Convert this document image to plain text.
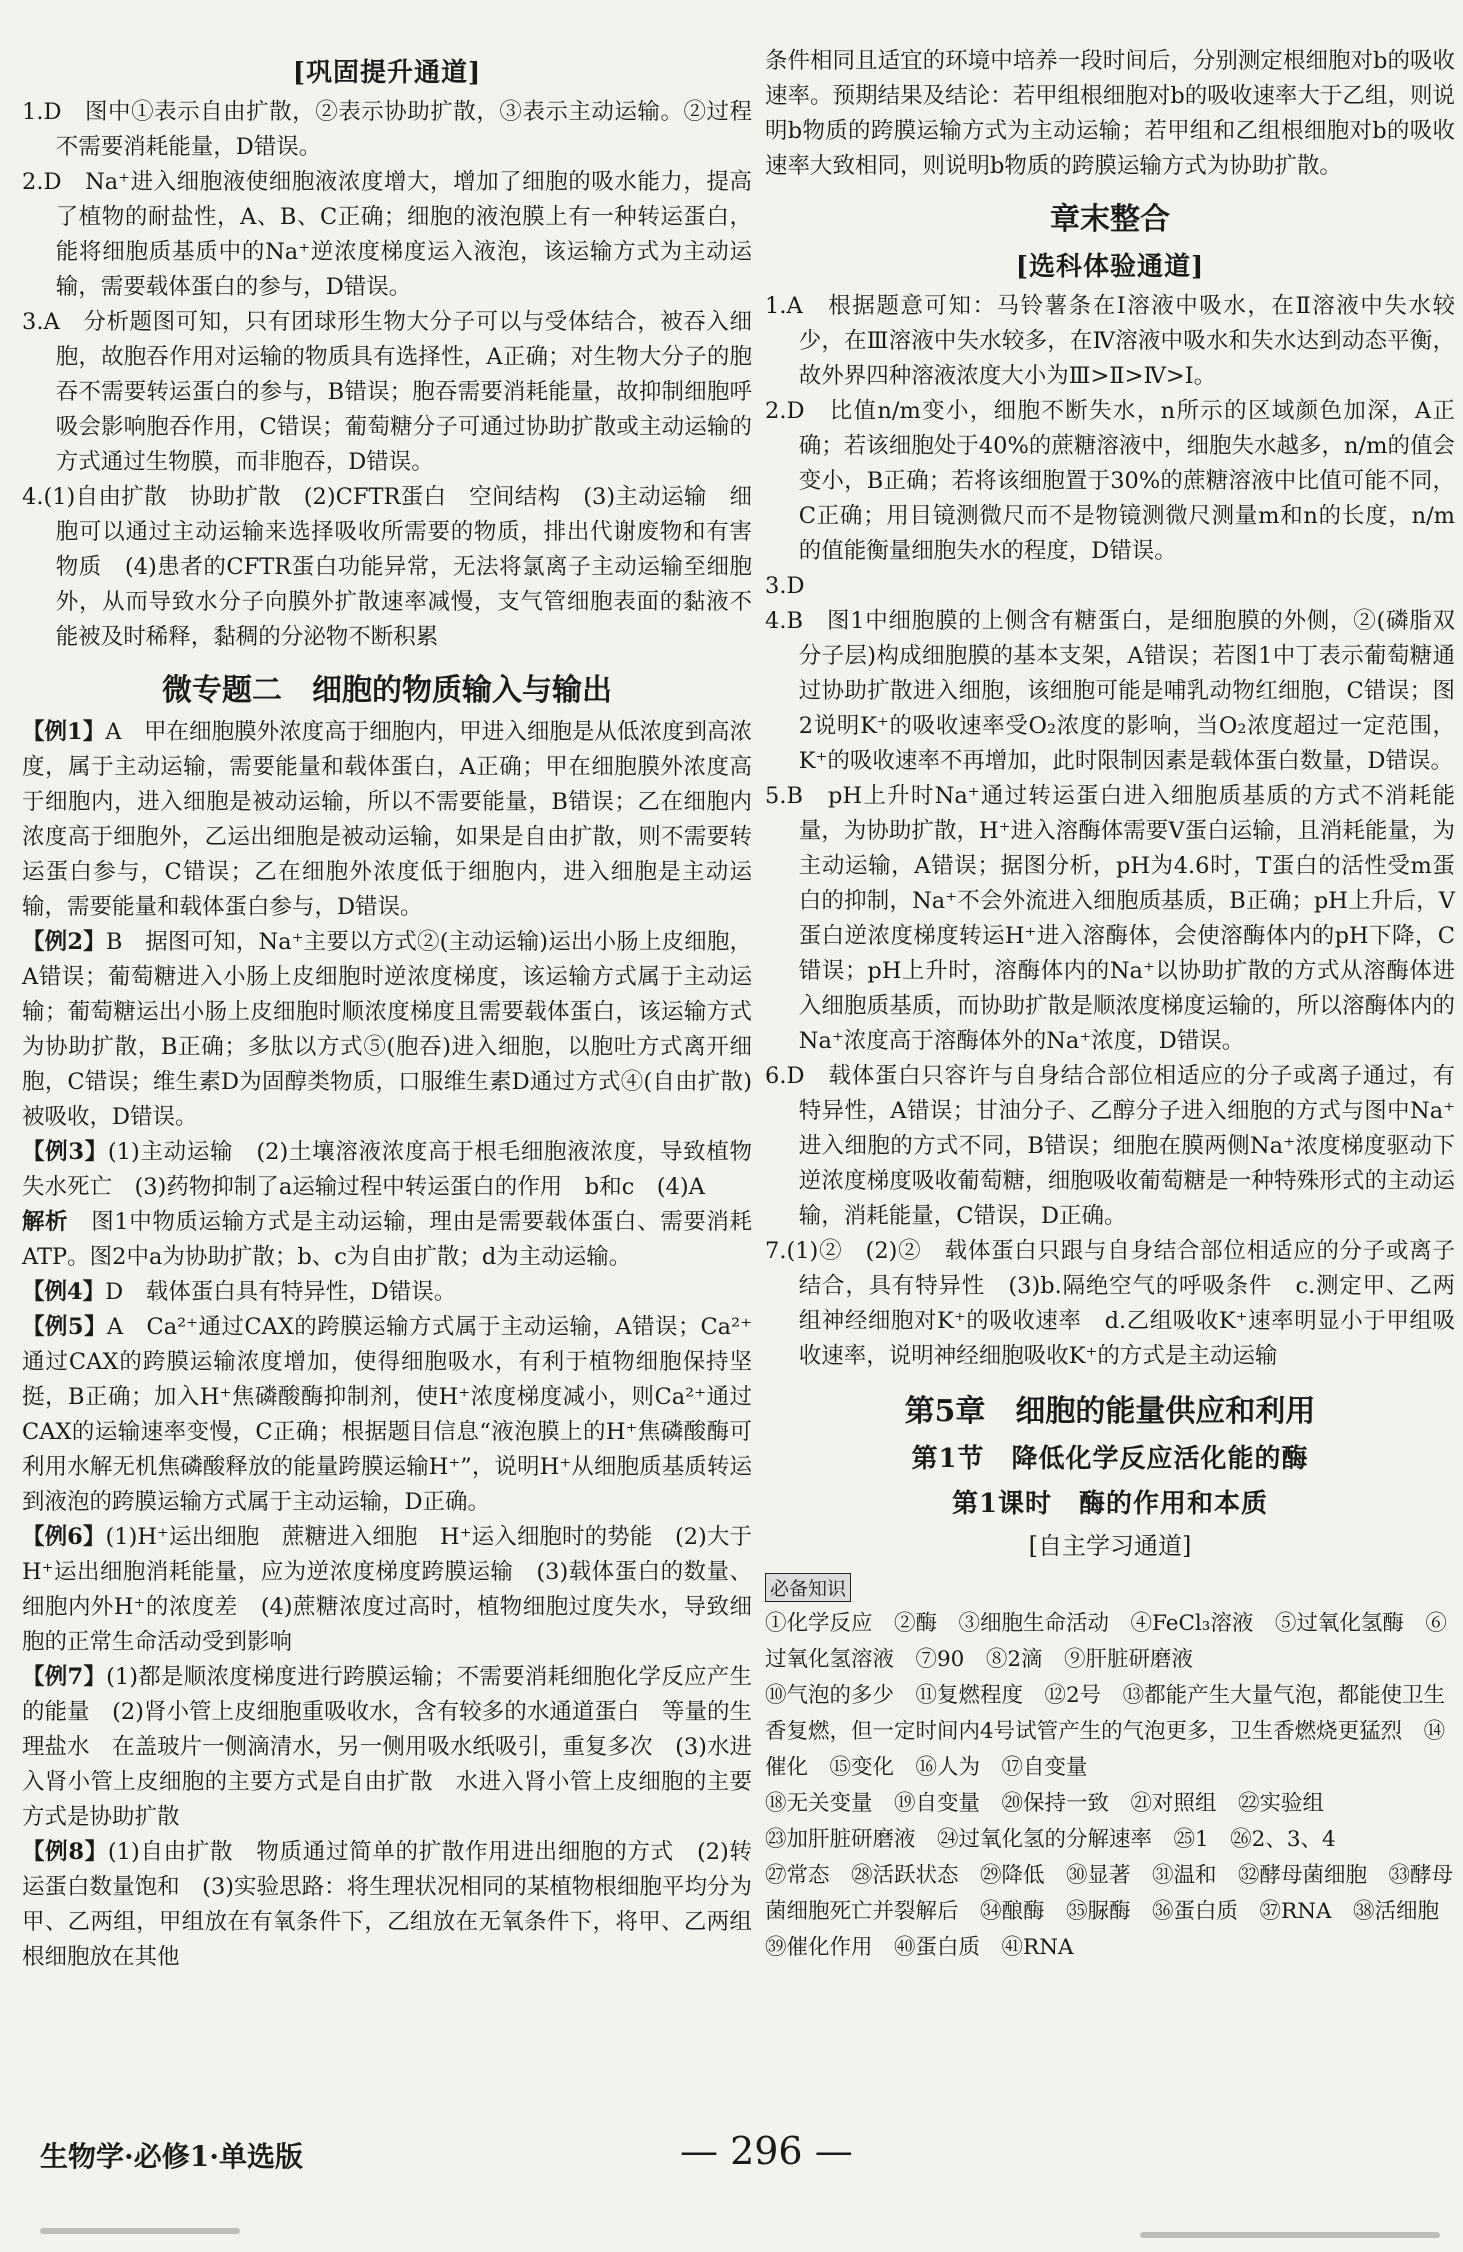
[巩固提升通道]

1.D　图中①表示自由扩散，②表示协助扩散，③表示主动运输。②过程不需要消耗能量，D错误。

2.D　Na⁺进入细胞液使细胞液浓度增大，增加了细胞的吸水能力，提高了植物的耐盐性，A、B、C正确；细胞的液泡膜上有一种转运蛋白，能将细胞质基质中的Na⁺逆浓度梯度运入液泡，该运输方式为主动运输，需要载体蛋白的参与，D错误。

3.A　分析题图可知，只有团球形生物大分子可以与受体结合，被吞入细胞，故胞吞作用对运输的物质具有选择性，A正确；对生物大分子的胞吞不需要转运蛋白的参与，B错误；胞吞需要消耗能量，故抑制细胞呼吸会影响胞吞作用，C错误；葡萄糖分子可通过协助扩散或主动运输的方式通过生物膜，而非胞吞，D错误。

4.(1)自由扩散　协助扩散　(2)CFTR蛋白　空间结构　(3)主动运输　细胞可以通过主动运输来选择吸收所需要的物质，排出代谢废物和有害物质　(4)患者的CFTR蛋白功能异常，无法将氯离子主动运输至细胞外，从而导致水分子向膜外扩散速率减慢，支气管细胞表面的黏液不能被及时稀释，黏稠的分泌物不断积累

微专题二　细胞的物质输入与输出

【例1】A　甲在细胞膜外浓度高于细胞内，甲进入细胞是从低浓度到高浓度，属于主动运输，需要能量和载体蛋白，A正确；甲在细胞膜外浓度高于细胞内，进入细胞是被动运输，所以不需要能量，B错误；乙在细胞内浓度高于细胞外，乙运出细胞是被动运输，如果是自由扩散，则不需要转运蛋白参与，C错误；乙在细胞外浓度低于细胞内，进入细胞是主动运输，需要能量和载体蛋白参与，D错误。

【例2】B　据图可知，Na⁺主要以方式②(主动运输)运出小肠上皮细胞，A错误；葡萄糖进入小肠上皮细胞时逆浓度梯度，该运输方式属于主动运输；葡萄糖运出小肠上皮细胞时顺浓度梯度且需要载体蛋白，该运输方式为协助扩散，B正确；多肽以方式⑤(胞吞)进入细胞，以胞吐方式离开细胞，C错误；维生素D为固醇类物质，口服维生素D通过方式④(自由扩散)被吸收，D错误。

【例3】(1)主动运输　(2)土壤溶液浓度高于根毛细胞液浓度，导致植物失水死亡　(3)药物抑制了a运输过程中转运蛋白的作用　b和c　(4)A

解析　 图1中物质运输方式是主动运输，理由是需要载体蛋白、需要消耗ATP。图2中a为协助扩散；b、c为自由扩散；d为主动运输。

【例4】D　载体蛋白具有特异性，D错误。

【例5】A　Ca²⁺通过CAX的跨膜运输方式属于主动运输，A错误；Ca²⁺通过CAX的跨膜运输浓度增加，使得细胞吸水，有利于植物细胞保持坚挺，B正确；加入H⁺焦磷酸酶抑制剂，使H⁺浓度梯度减小，则Ca²⁺通过CAX的运输速率变慢，C正确；根据题目信息“液泡膜上的H⁺焦磷酸酶可利用水解无机焦磷酸释放的能量跨膜运输H⁺”，说明H⁺从细胞质基质转运到液泡的跨膜运输方式属于主动运输，D正确。

【例6】(1)H⁺运出细胞　蔗糖进入细胞　H⁺运入细胞时的势能　(2)大于　H⁺运出细胞消耗能量，应为逆浓度梯度跨膜运输　(3)载体蛋白的数量、细胞内外H⁺的浓度差　(4)蔗糖浓度过高时，植物细胞过度失水，导致细胞的正常生命活动受到影响

【例7】(1)都是顺浓度梯度进行跨膜运输；不需要消耗细胞化学反应产生的能量　(2)肾小管上皮细胞重吸收水，含有较多的水通道蛋白　等量的生理盐水　在盖玻片一侧滴清水，另一侧用吸水纸吸引，重复多次　(3)水进入肾小管上皮细胞的主要方式是自由扩散　水进入肾小管上皮细胞的主要方式是协助扩散

【例8】(1)自由扩散　物质通过简单的扩散作用进出细胞的方式　(2)转运蛋白数量饱和　(3)实验思路：将生理状况相同的某植物根细胞平均分为甲、乙两组，甲组放在有氧条件下，乙组放在无氧条件下，将甲、乙两组根细胞放在其他

条件相同且适宜的环境中培养一段时间后，分别测定根细胞对b的吸收速率。预期结果及结论：若甲组根细胞对b的吸收速率大于乙组，则说明b物质的跨膜运输方式为主动运输；若甲组和乙组根细胞对b的吸收速率大致相同，则说明b物质的跨膜运输方式为协助扩散。

章末整合
[选科体验通道]

1.A　根据题意可知：马铃薯条在Ⅰ溶液中吸水，在Ⅱ溶液中失水较少，在Ⅲ溶液中失水较多，在Ⅳ溶液中吸水和失水达到动态平衡，故外界四种溶液浓度大小为Ⅲ>Ⅱ>Ⅳ>Ⅰ。

2.D　比值n/m变小，细胞不断失水，n所示的区域颜色加深，A正确；若该细胞处于40%的蔗糖溶液中，细胞失水越多，n/m的值会变小，B正确；若将该细胞置于30%的蔗糖溶液中比值可能不同，C正确；用目镜测微尺而不是物镜测微尺测量m和n的长度，n/m的值能衡量细胞失水的程度，D错误。

3.D

4.B　图1中细胞膜的上侧含有糖蛋白，是细胞膜的外侧，②(磷脂双分子层)构成细胞膜的基本支架，A错误；若图1中丁表示葡萄糖通过协助扩散进入细胞，该细胞可能是哺乳动物红细胞，C错误；图2说明K⁺的吸收速率受O₂浓度的影响，当O₂浓度超过一定范围，K⁺的吸收速率不再增加，此时限制因素是载体蛋白数量，D错误。

5.B　pH上升时Na⁺通过转运蛋白进入细胞质基质的方式不消耗能量，为协助扩散，H⁺进入溶酶体需要V蛋白运输，且消耗能量，为主动运输，A错误；据图分析，pH为4.6时，T蛋白的活性受m蛋白的抑制，Na⁺不会外流进入细胞质基质，B正确；pH上升后，V蛋白逆浓度梯度转运H⁺进入溶酶体，会使溶酶体内的pH下降，C错误；pH上升时，溶酶体内的Na⁺以协助扩散的方式从溶酶体进入细胞质基质，而协助扩散是顺浓度梯度运输的，所以溶酶体内的Na⁺浓度高于溶酶体外的Na⁺浓度，D错误。

6.D　载体蛋白只容许与自身结合部位相适应的分子或离子通过，有特异性，A错误；甘油分子、乙醇分子进入细胞的方式与图中Na⁺进入细胞的方式不同，B错误；细胞在膜两侧Na⁺浓度梯度驱动下逆浓度梯度吸收葡萄糖，细胞吸收葡萄糖是一种特殊形式的主动运输，消耗能量，C错误，D正确。

7.(1)②　(2)②　载体蛋白只跟与自身结合部位相适应的分子或离子结合，具有特异性　(3)b.隔绝空气的呼吸条件　c.测定甲、乙两组神经细胞对K⁺的吸收速率　d.乙组吸收K⁺速率明显小于甲组吸收速率，说明神经细胞吸收K⁺的方式是主动运输

第5章　细胞的能量供应和利用
第1节　降低化学反应活化能的酶
第1课时　酶的作用和本质
[自主学习通道]
必备知识

①化学反应　②酶　③细胞生命活动　④FeCl₃溶液　⑤过氧化氢酶　⑥过氧化氢溶液　⑦90　⑧2滴　⑨肝脏研磨液

⑩气泡的多少　⑪复燃程度　⑫2号　⑬都能产生大量气泡，都能使卫生香复燃，但一定时间内4号试管产生的气泡更多，卫生香燃烧更猛烈　⑭催化　⑮变化　⑯人为　⑰自变量

⑱无关变量　⑲自变量　⑳保持一致　㉑对照组　㉒实验组

㉓加肝脏研磨液　㉔过氧化氢的分解速率　㉕1　㉖2、3、4

㉗常态　㉘活跃状态　㉙降低　㉚显著　㉛温和　㉜酵母菌细胞　㉝酵母菌细胞死亡并裂解后　㉞酿酶　㉟脲酶　㊱蛋白质　㊲RNA　㊳活细胞　㊴催化作用　㊵蛋白质　㊶RNA

生物学·必修1·单选版	— 296 —
